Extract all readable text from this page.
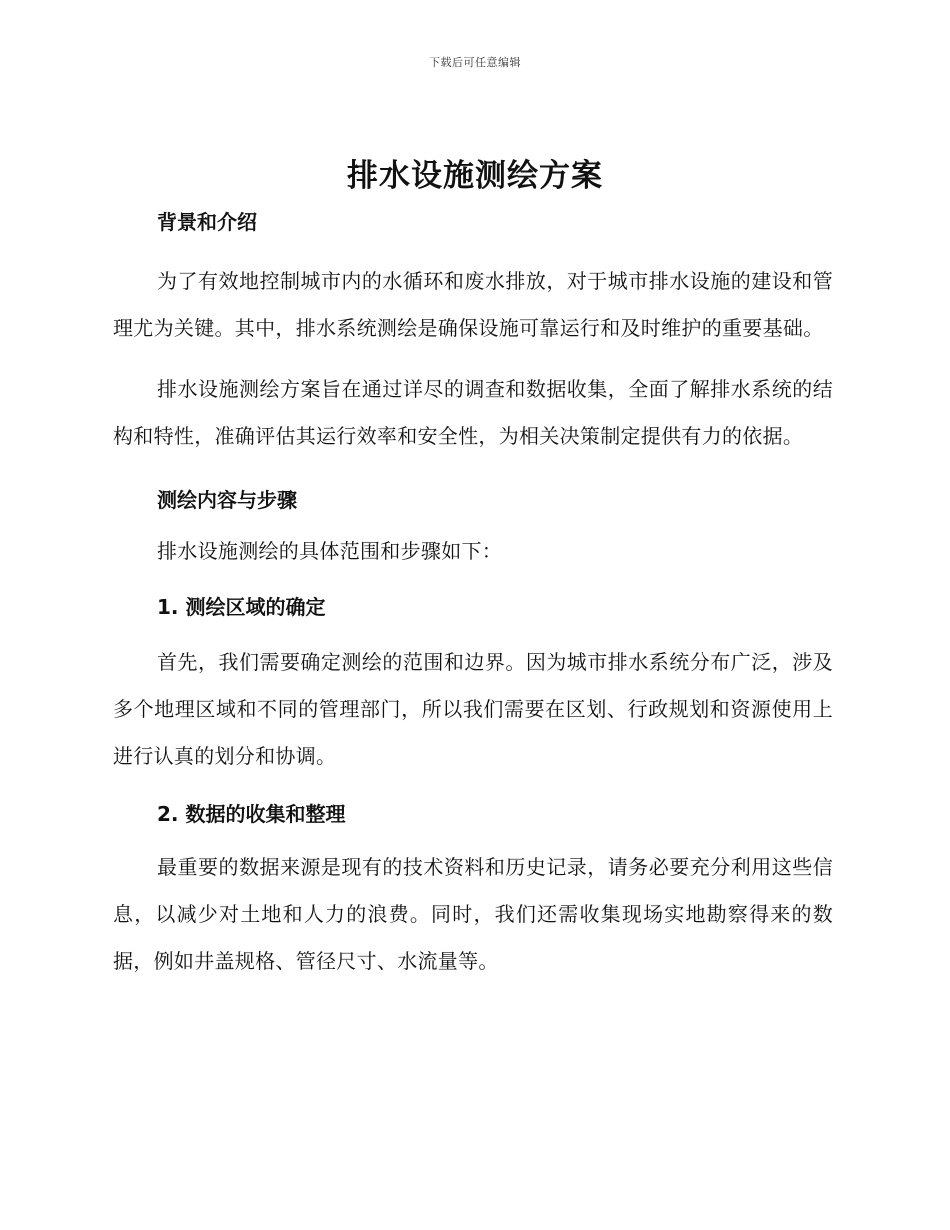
下载后可任意编辑
排水设施测绘方案

背景和介绍

为了有效地控制城市内的水循环和废水排放，对于城市排水设施的建设和管理尤为关键。其中，排水系统测绘是确保设施可靠运行和及时维护的重要基础。

排水设施测绘方案旨在通过详尽的调查和数据收集，全面了解排水系统的结构和特性，准确评估其运行效率和安全性，为相关决策制定提供有力的依据。

测绘内容与步骤

排水设施测绘的具体范围和步骤如下：

1. 测绘区域的确定

首先，我们需要确定测绘的范围和边界。因为城市排水系统分布广泛，涉及多个地理区域和不同的管理部门，所以我们需要在区划、行政规划和资源使用上进行认真的划分和协调。

2. 数据的收集和整理

最重要的数据来源是现有的技术资料和历史记录，请务必要充分利用这些信息，以减少对土地和人力的浪费。同时，我们还需收集现场实地勘察得来的数据，例如井盖规格、管径尺寸、水流量等。
